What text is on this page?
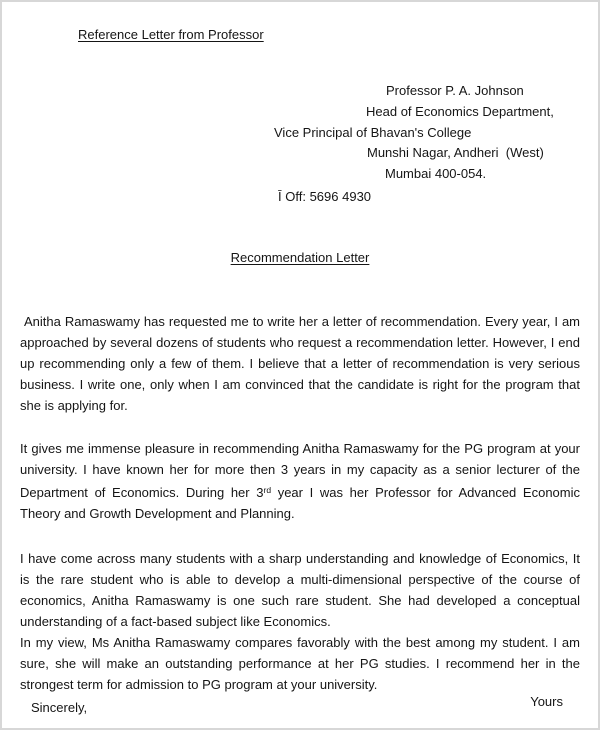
Reference Letter from Professor
Professor P. A. Johnson
Head of Economics Department,
Vice Principal of Bhavan's College
Munshi Nagar, Andheri  (West)
Mumbai 400-054.
Ī Off: 5696 4930
Recommendation Letter

Anitha Ramaswamy has requested me to write her a letter of recommendation. Every year, I am approached by several dozens of students who request a recommendation letter. However, I end up recommending only a few of them. I believe that a letter of recommendation is very serious business. I write one, only when I am convinced that the candidate is right for the program that she is applying for.

It gives me immense pleasure in recommending Anitha Ramaswamy for the PG program at your university. I have known her for more then 3 years in my capacity as a senior lecturer of the Department of Economics. During her 3rd year I was her Professor for Advanced Economic Theory and Growth Development and Planning.

I have come across many students with a sharp understanding and knowledge of Economics, It is the rare student who is able to develop a multi-dimensional perspective of the course of economics, Anitha Ramaswamy is one such rare student. She had developed a conceptual understanding of a fact-based subject like Economics.

In my view, Ms Anitha Ramaswamy compares favorably with the best among my student. I am sure, she will make an outstanding performance at her PG studies. I recommend her in the strongest term for admission to PG program at your university.

Yours
Sincerely,
